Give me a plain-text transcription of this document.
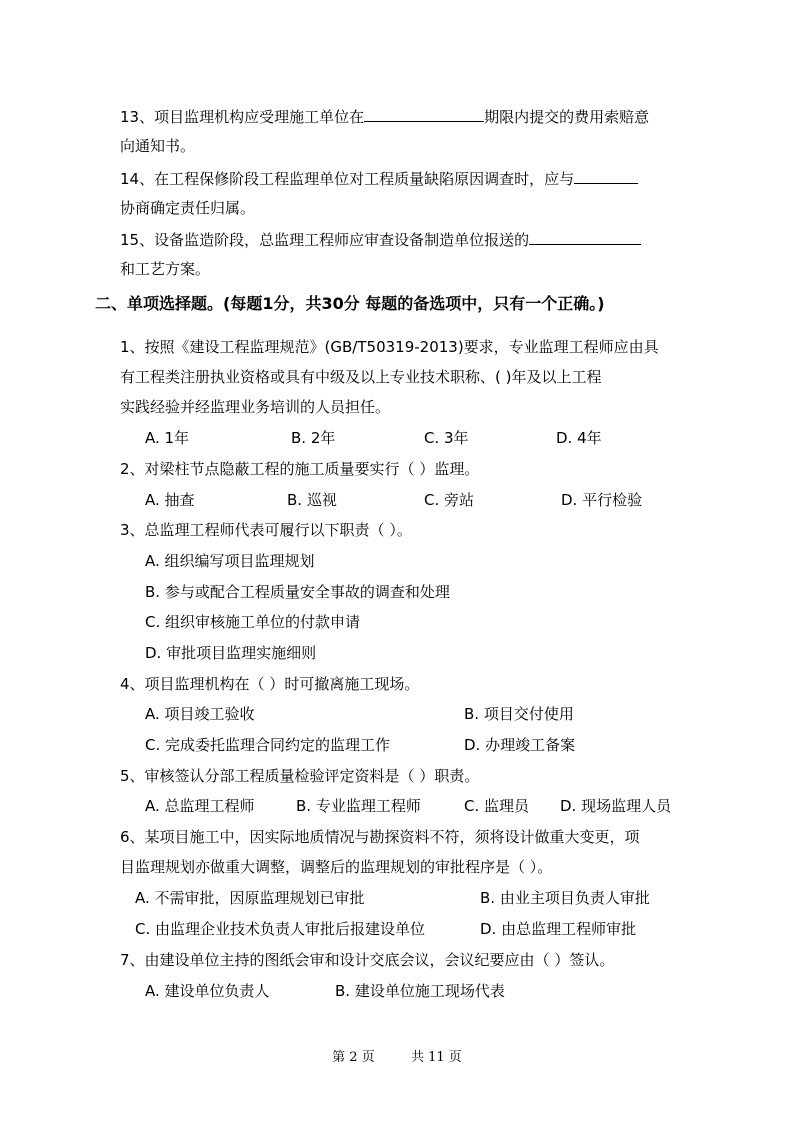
13、项目监理机构应受理施工单位在	期限内提交的费用索赔意
向通知书。
14、在工程保修阶段工程监理单位对工程质量缺陷原因调查时，应与
协商确定责任归属。
15、设备监造阶段，总监理工程师应审查设备制造单位报送的
和工艺方案。
二、单项选择题。(每题1分，共30分 每题的备选项中，只有一个正确。)
1、按照《建设工程监理规范》(GB/T50319-2013)要求，专业监理工程师应由具
有工程类注册执业资格或具有中级及以上专业技术职称、( )年及以上工程
实践经验并经监理业务培训的人员担任。
A. 1年	B. 2年	C. 3年	D. 4年
2、对梁柱节点隐蔽工程的施工质量要实行（ ）监理。
A. 抽查	B. 巡视	C. 旁站	D. 平行检验
3、总监理工程师代表可履行以下职责（ ）。
A. 组织编写项目监理规划
B. 参与或配合工程质量安全事故的调查和处理
C. 组织审核施工单位的付款申请
D. 审批项目监理实施细则
4、项目监理机构在（ ）时可撤离施工现场。
A. 项目竣工验收	B. 项目交付使用
C. 完成委托监理合同约定的监理工作	D. 办理竣工备案
5、审核签认分部工程质量检验评定资料是（ ）职责。
A. 总监理工程师	B. 专业监理工程师	C. 监理员 D. 现场监理人员
6、某项目施工中，因实际地质情况与勘探资料不符，须将设计做重大变更，项
目监理规划亦做重大调整，调整后的监理规划的审批程序是（ ）。
A. 不需审批，因原监理规划已审批	B. 由业主项目负责人审批
C. 由监理企业技术负责人审批后报建设单位	D. 由总监理工程师审批
7、由建设单位主持的图纸会审和设计交底会议，会议纪要应由（ ）签认。
A. 建设单位负责人	B. 建设单位施工现场代表
第 2 页	共 11 页
